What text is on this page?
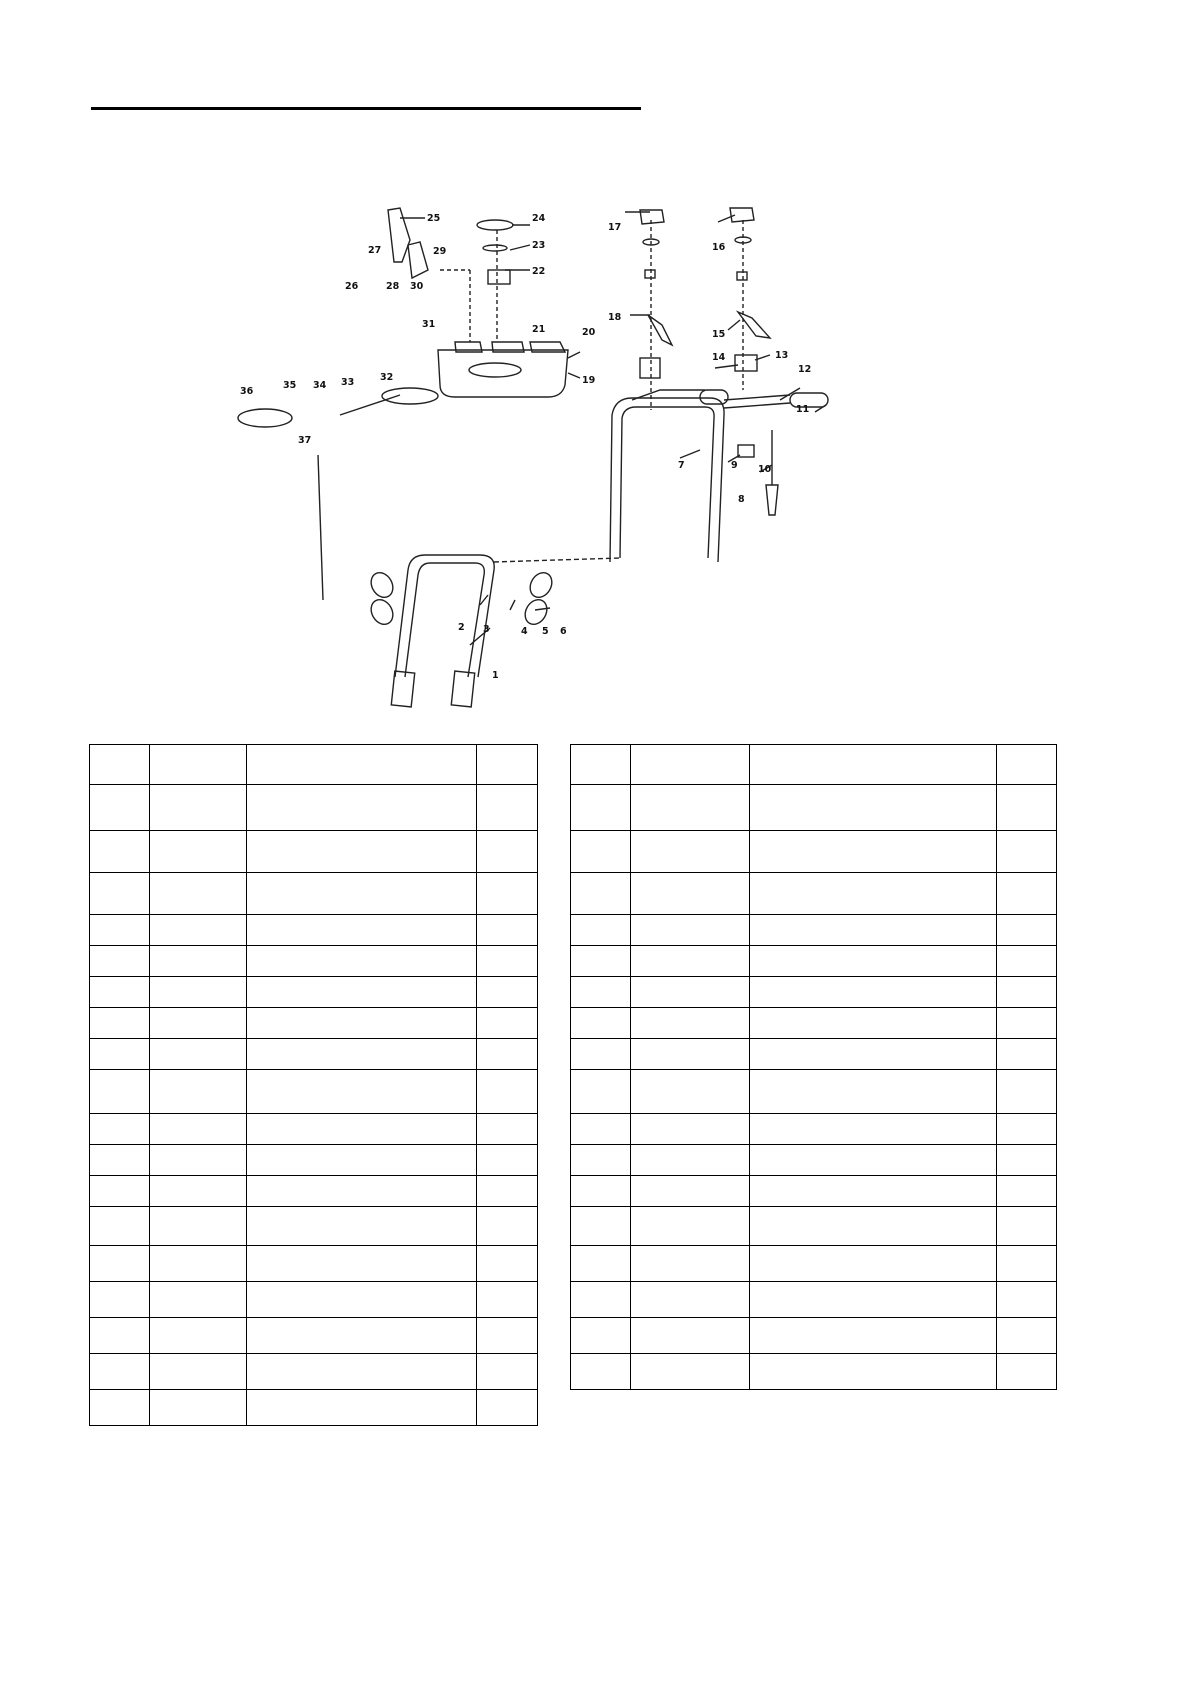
25	24
23
22
21	20
19
27
26	28
29
30
31
32
33
34
35
36
37
17
16
18
15
14	13
12
11
7	9 10
8
2 3	4 5 6
1
